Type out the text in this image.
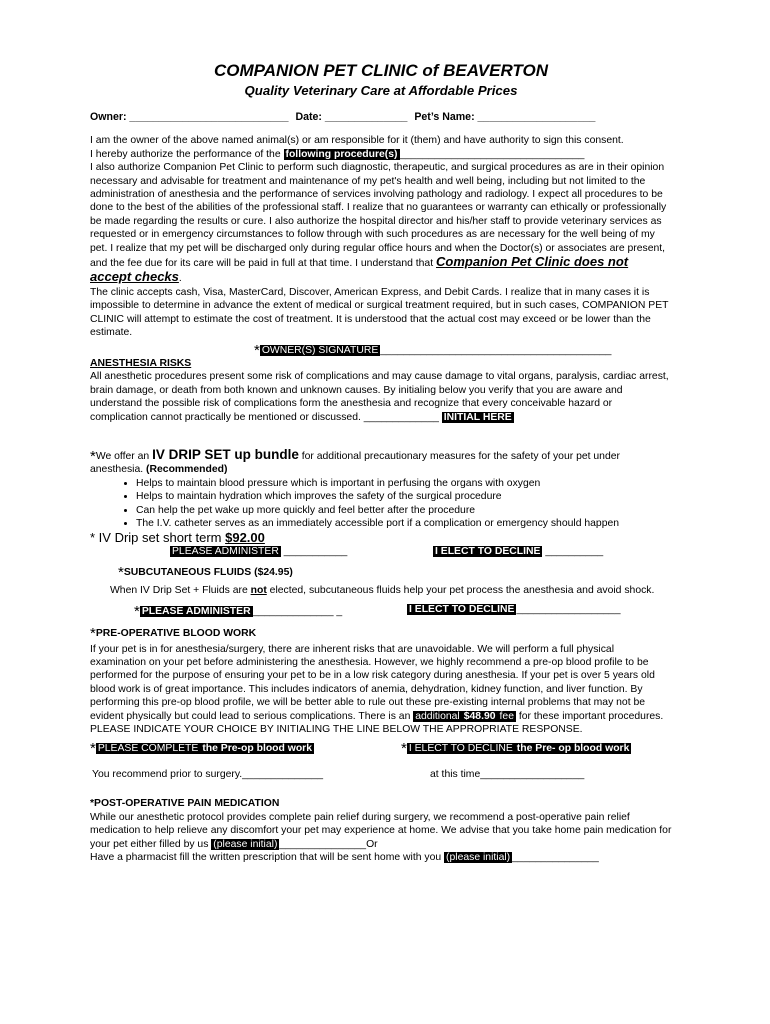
COMPANION PET CLINIC of BEAVERTON
Quality Veterinary Care at Affordable Prices
Owner: ___________________________ Date: ______________ Pet’s Name: ____________________

I am the owner of the above named animal(s) or am responsible for it (them) and have authority to sign this consent.

I hereby authorize the performance of the following procedure(s) ________________________________

I also authorize Companion Pet Clinic to perform such diagnostic, therapeutic, and surgical procedures as are in their opinion necessary and advisable for treatment and maintenance of my pet's health and well being, including but not limited to the administration of anesthesia and the performance of services involving pathology and radiology. I expect all procedures to be done to the best of the abilities of the professional staff. I realize that no guarantees or warranty can ethically or professionally be made regarding the results or cure. I also authorize the hospital director and his/her staff to provide veterinary services as requested or in emergency circumstances to follow through with such procedures as are necessary for the well being of my pet. I realize that my pet will be discharged only during regular office hours and when the Doctor(s) or associates are present, and the fee due for its care will be paid in full at that time. I understand that Companion Pet Clinic does not accept checks.

The clinic accepts cash, Visa, MasterCard, Discover, American Express, and Debit Cards. I realize that in many cases it is impossible to determine in advance the extent of medical or surgical treatment required, but in such cases, COMPANION PET CLINIC will attempt to estimate the cost of treatment. It is understood that the actual cost may exceed or be lower than the estimate.

* OWNER(S) SIGNATURE ________________________________________

ANESTHESIA RISKS

All anesthetic procedures present some risk of complications and may cause damage to vital organs, paralysis, cardiac arrest, brain damage, or death from both known and unknown causes. By initialing below you verify that you are aware and understand the possible risk of complications form the anesthesia and recognize that every conceivable hazard or complication cannot practically be mentioned or discussed. _____________ INITIAL HERE

*We offer an IV DRIP SET up bundle for additional precautionary measures for the safety of your pet under anesthesia. (Recommended)

• Helps to maintain blood pressure which is important in perfusing the organs with oxygen
• Helps to maintain hydration which improves the safety of the surgical procedure
• Can help the pet wake up more quickly and feel better after the procedure
• The I.V. catheter serves as an immediately accessible port if a complication or emergency should happen

* IV Drip set short term $92.00

PLEASE ADMINISTER ___________	I ELECT TO DECLINE __________

*SUBCUTANEOUS FLUIDS ($24.95)

When IV Drip Set + Fluids are not elected, subcutaneous fluids help your pet process the anesthesia and avoid shock.

* PLEASE ADMINISTER ______________ _	I ELECT TO DECLINE __________________

*PRE-OPERATIVE BLOOD WORK

If your pet is in for anesthesia/surgery, there are inherent risks that are unavoidable. We will perform a full physical examination on your pet before administering the anesthesia. However, we highly recommend a pre-op blood profile to be performed for the purpose of ensuring your pet to be in a low risk category during anesthesia. If your pet is over 5 years old blood work is of great importance. This includes indicators of anemia, dehydration, kidney function, and liver function. By performing this pre-op blood profile, we will be better able to rule out these pre-existing internal problems that may not be evident physically but could lead to serious complications. There is an additional $48.90 fee for these important procedures. PLEASE INDICATE YOUR CHOICE BY INITIALING THE LINE BELOW THE APPROPRIATE RESPONSE.

* PLEASE COMPLETE the Pre-op blood work	* I ELECT TO DECLINE the Pre- op blood work
You recommend prior to surgery.______________	at this time__________________

*POST-OPERATIVE PAIN MEDICATION

While our anesthetic protocol provides complete pain relief during surgery, we recommend a post-operative pain relief medication to help relieve any discomfort your pet may experience at home. We advise that you take home pain medication for your pet either filled by us (please initial) _______________Or

Have a pharmacist fill the written prescription that will be sent home with you (please initial) _______________
